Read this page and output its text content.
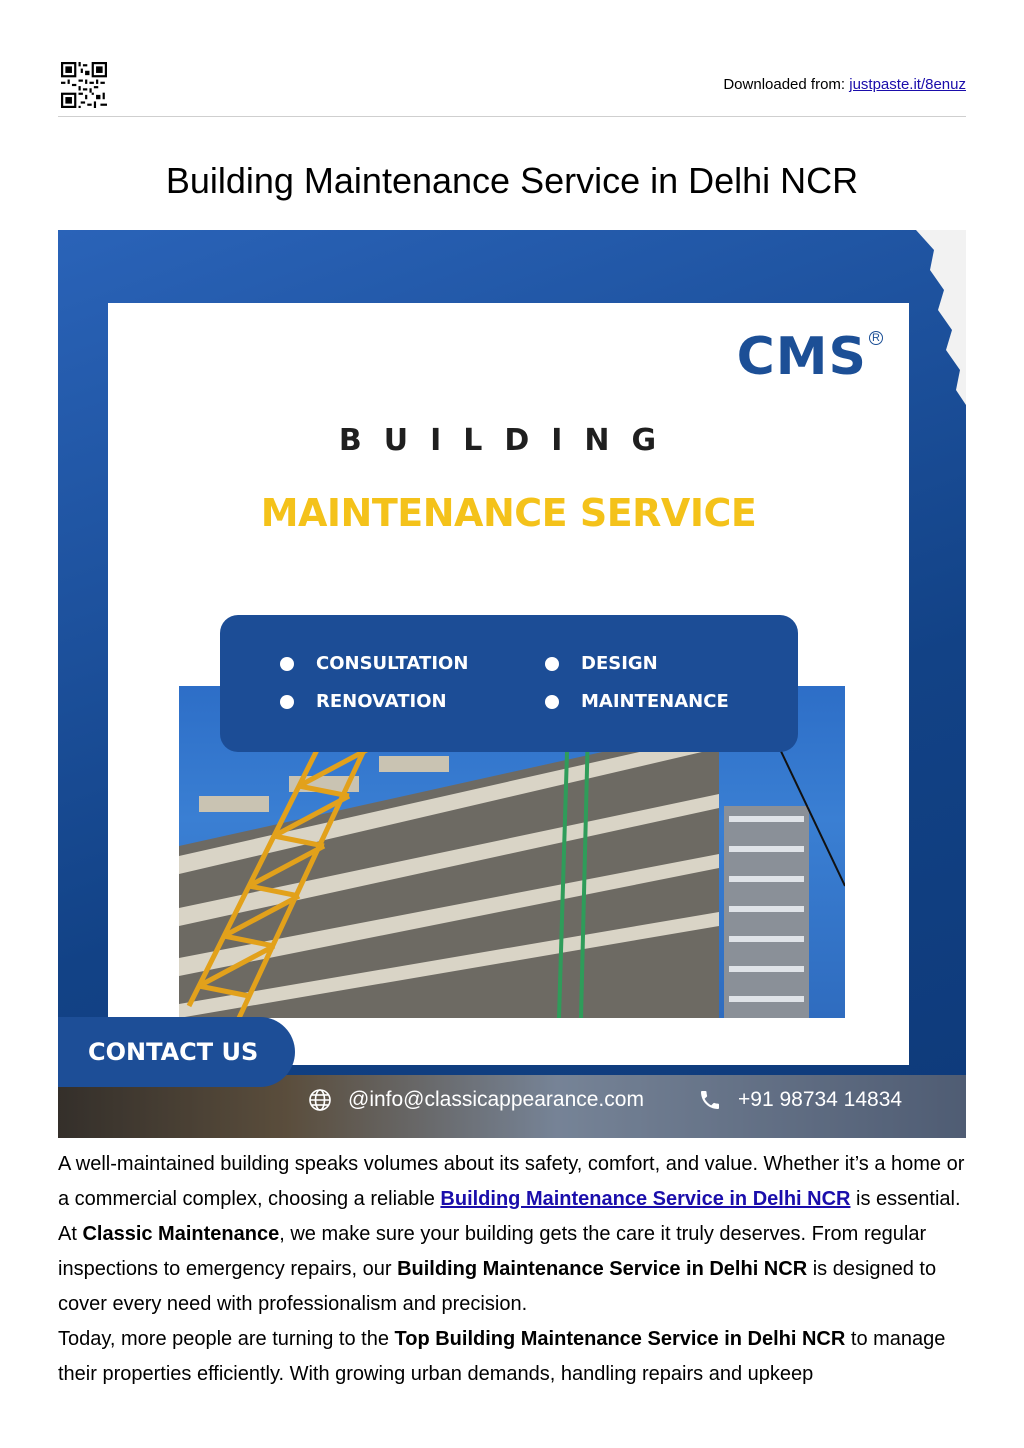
Downloaded from: justpaste.it/8enuz
Building Maintenance Service in Delhi NCR
CMS R
BUILDING
MAINTENANCE SERVICE
CONSULTATION	DESIGN
RENOVATION	MAINTENANCE
CONTACT US
@info@classicappearance.com	+91 98734 14834

A well-maintained building speaks volumes about its safety, comfort, and value. Whether it’s a home or a commercial complex, choosing a reliable Building Maintenance Service in Delhi NCR is essential. At Classic Maintenance, we make sure your building gets the care it truly deserves. From regular inspections to emergency repairs, our Building Maintenance Service in Delhi NCR is designed to cover every need with professionalism and precision.

Today, more people are turning to the Top Building Maintenance Service in Delhi NCR to manage their properties efficiently. With growing urban demands, handling repairs and upkeep
